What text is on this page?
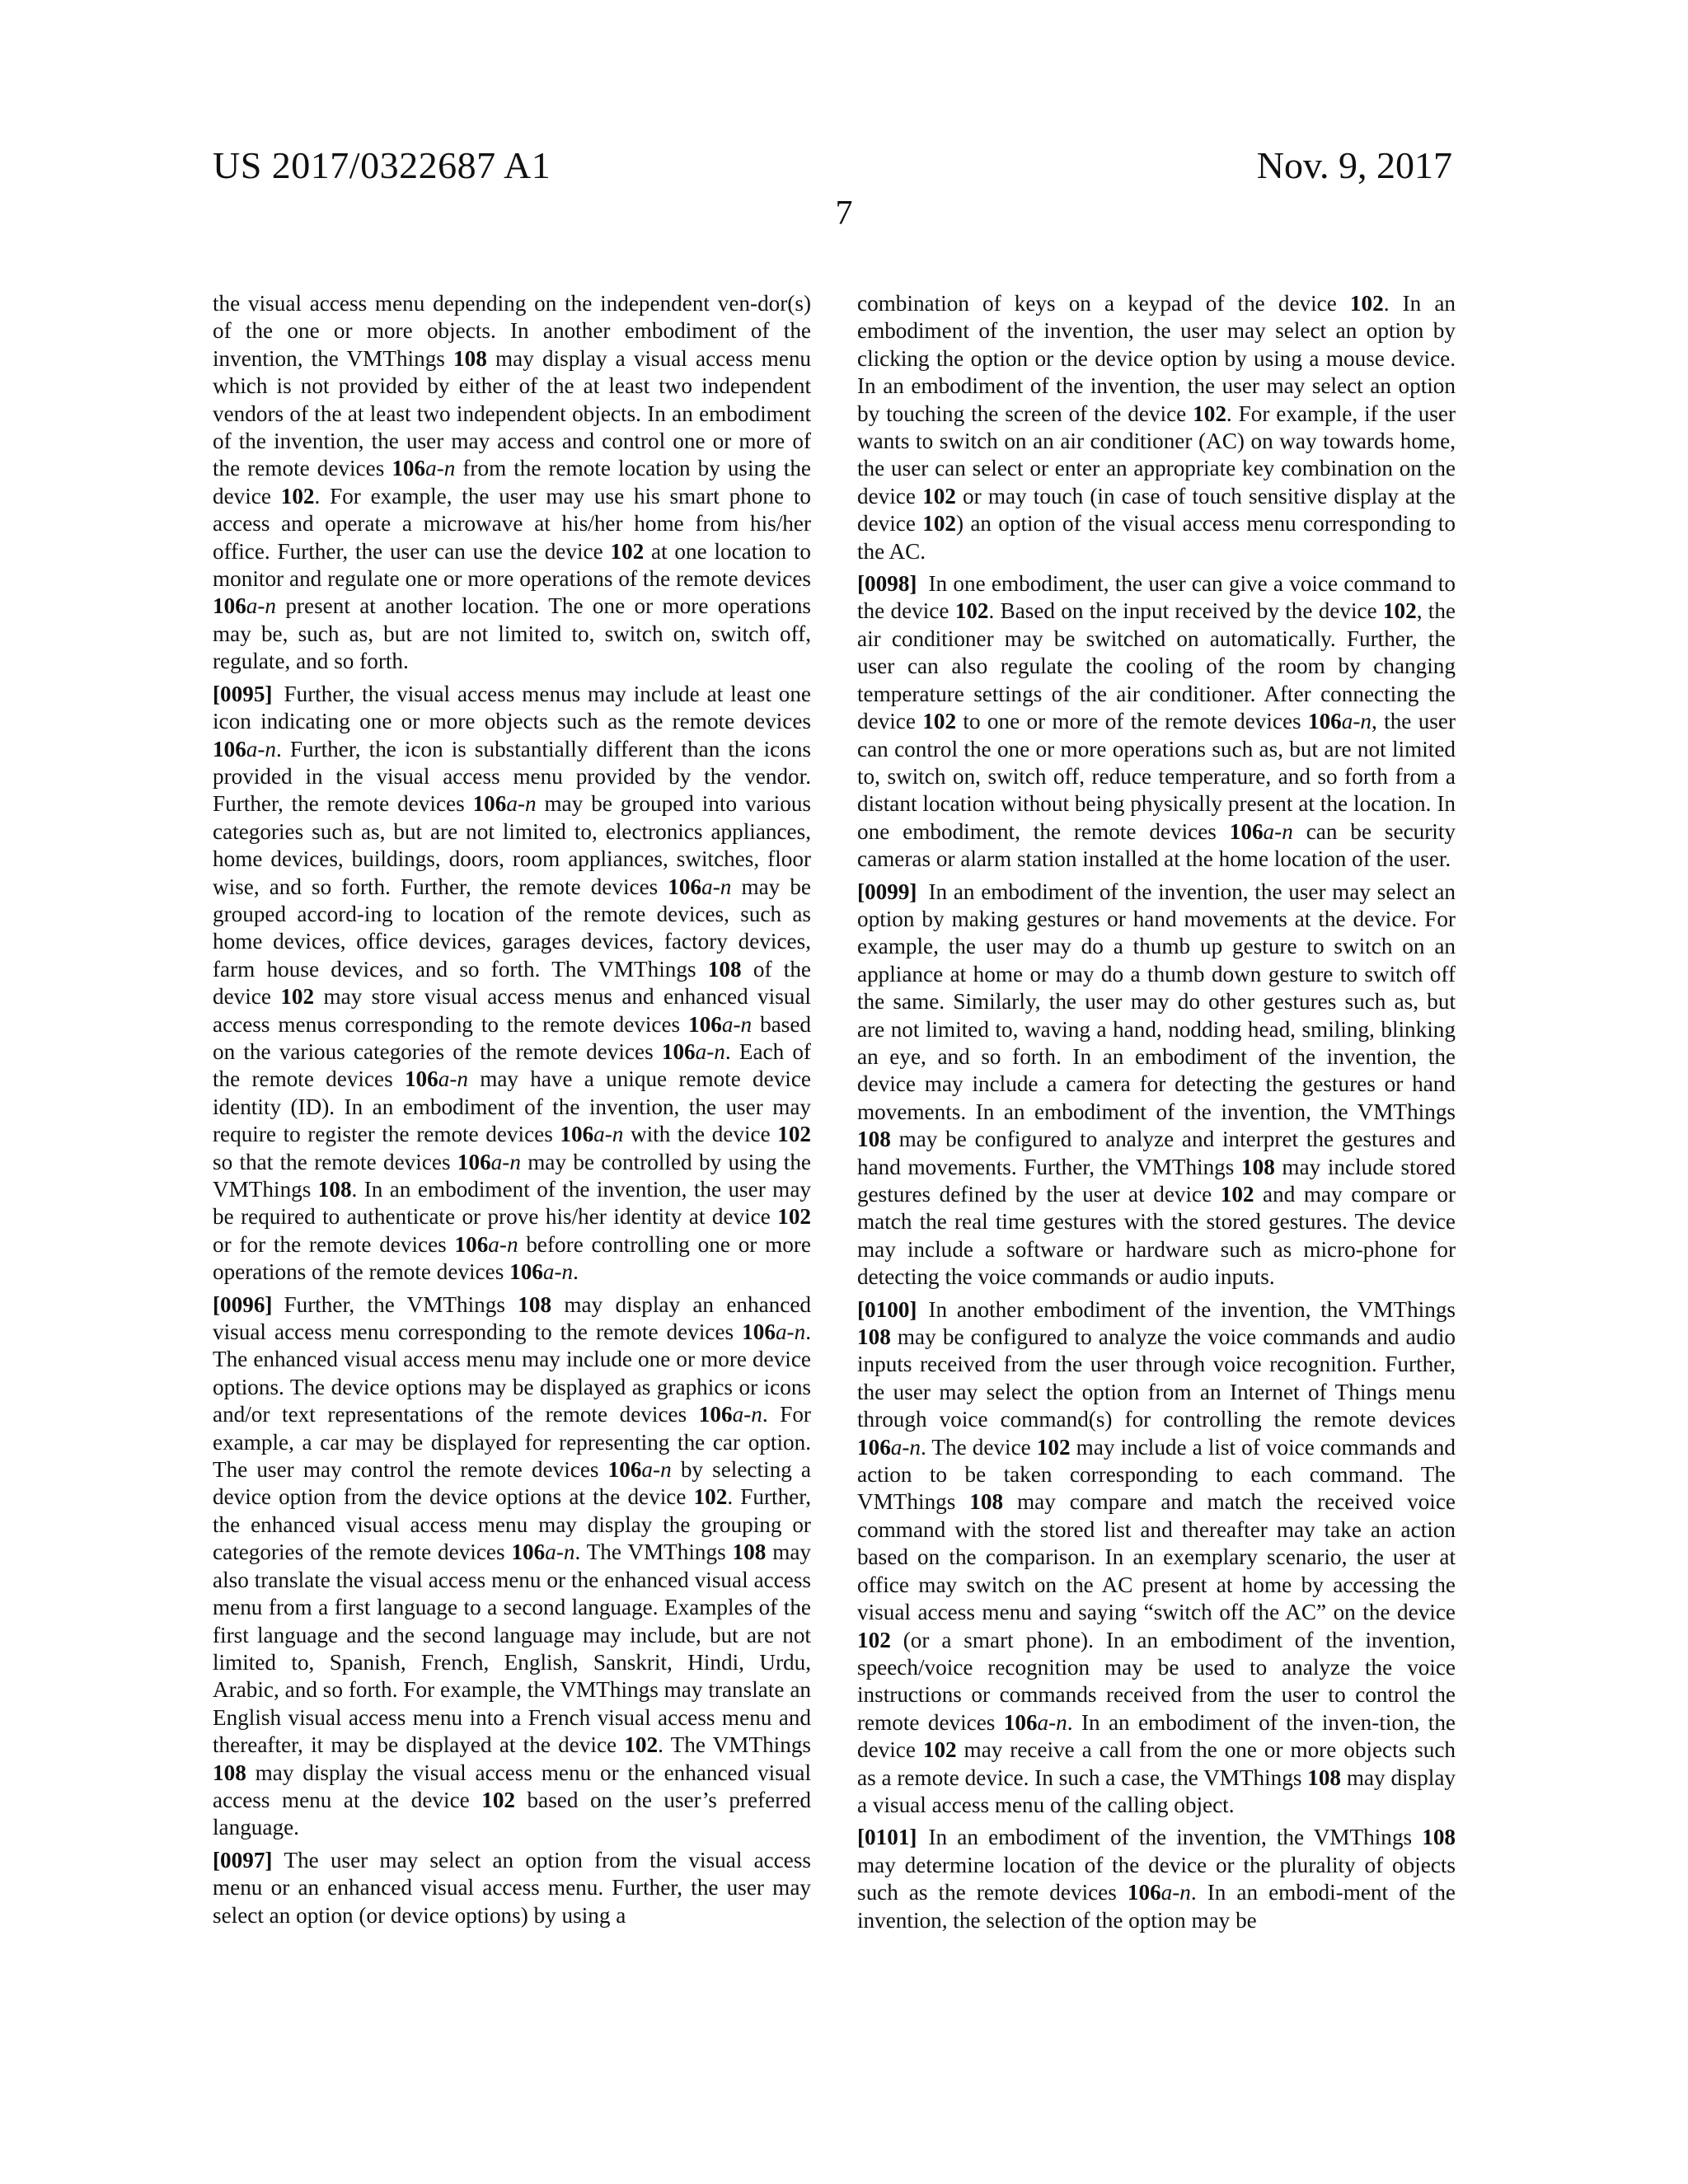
US 2017/0322687 A1	Nov. 9, 2017
7

the visual access menu depending on the independent ven-dor(s) of the one or more objects. In another embodiment of the invention, the VMThings 108 may display a visual access menu which is not provided by either of the at least two independent vendors of the at least two independent objects. In an embodiment of the invention, the user may access and control one or more of the remote devices 106a-n from the remote location by using the device 102. For example, the user may use his smart phone to access and operate a microwave at his/her home from his/her office. Further, the user can use the device 102 at one location to monitor and regulate one or more operations of the remote devices 106a-n present at another location. The one or more operations may be, such as, but are not limited to, switch on, switch off, regulate, and so forth.

[0095] Further, the visual access menus may include at least one icon indicating one or more objects such as the remote devices 106a-n. Further, the icon is substantially different than the icons provided in the visual access menu provided by the vendor. Further, the remote devices 106a-n may be grouped into various categories such as, but are not limited to, electronics appliances, home devices, buildings, doors, room appliances, switches, floor wise, and so forth. Further, the remote devices 106a-n may be grouped accord-ing to location of the remote devices, such as home devices, office devices, garages devices, factory devices, farm house devices, and so forth. The VMThings 108 of the device 102 may store visual access menus and enhanced visual access menus corresponding to the remote devices 106a-n based on the various categories of the remote devices 106a-n. Each of the remote devices 106a-n may have a unique remote device identity (ID). In an embodiment of the invention, the user may require to register the remote devices 106a-n with the device 102 so that the remote devices 106a-n may be controlled by using the VMThings 108. In an embodiment of the invention, the user may be required to authenticate or prove his/her identity at device 102 or for the remote devices 106a-n before controlling one or more operations of the remote devices 106a-n.

[0096] Further, the VMThings 108 may display an enhanced visual access menu corresponding to the remote devices 106a-n. The enhanced visual access menu may include one or more device options. The device options may be displayed as graphics or icons and/or text representations of the remote devices 106a-n. For example, a car may be displayed for representing the car option. The user may control the remote devices 106a-n by selecting a device option from the device options at the device 102. Further, the enhanced visual access menu may display the grouping or categories of the remote devices 106a-n. The VMThings 108 may also translate the visual access menu or the enhanced visual access menu from a first language to a second language. Examples of the first language and the second language may include, but are not limited to, Spanish, French, English, Sanskrit, Hindi, Urdu, Arabic, and so forth. For example, the VMThings may translate an English visual access menu into a French visual access menu and thereafter, it may be displayed at the device 102. The VMThings 108 may display the visual access menu or the enhanced visual access menu at the device 102 based on the user’s preferred language.

[0097] The user may select an option from the visual access menu or an enhanced visual access menu. Further, the user may select an option (or device options) by using a

combination of keys on a keypad of the device 102. In an embodiment of the invention, the user may select an option by clicking the option or the device option by using a mouse device. In an embodiment of the invention, the user may select an option by touching the screen of the device 102. For example, if the user wants to switch on an air conditioner (AC) on way towards home, the user can select or enter an appropriate key combination on the device 102 or may touch (in case of touch sensitive display at the device 102) an option of the visual access menu corresponding to the AC.

[0098] In one embodiment, the user can give a voice command to the device 102. Based on the input received by the device 102, the air conditioner may be switched on automatically. Further, the user can also regulate the cooling of the room by changing temperature settings of the air conditioner. After connecting the device 102 to one or more of the remote devices 106a-n, the user can control the one or more operations such as, but are not limited to, switch on, switch off, reduce temperature, and so forth from a distant location without being physically present at the location. In one embodiment, the remote devices 106a-n can be security cameras or alarm station installed at the home location of the user.

[0099] In an embodiment of the invention, the user may select an option by making gestures or hand movements at the device. For example, the user may do a thumb up gesture to switch on an appliance at home or may do a thumb down gesture to switch off the same. Similarly, the user may do other gestures such as, but are not limited to, waving a hand, nodding head, smiling, blinking an eye, and so forth. In an embodiment of the invention, the device may include a camera for detecting the gestures or hand movements. In an embodiment of the invention, the VMThings 108 may be configured to analyze and interpret the gestures and hand movements. Further, the VMThings 108 may include stored gestures defined by the user at device 102 and may compare or match the real time gestures with the stored gestures. The device may include a software or hardware such as micro-phone for detecting the voice commands or audio inputs.

[0100] In another embodiment of the invention, the VMThings 108 may be configured to analyze the voice commands and audio inputs received from the user through voice recognition. Further, the user may select the option from an Internet of Things menu through voice command(s) for controlling the remote devices 106a-n. The device 102 may include a list of voice commands and action to be taken corresponding to each command. The VMThings 108 may compare and match the received voice command with the stored list and thereafter may take an action based on the comparison. In an exemplary scenario, the user at office may switch on the AC present at home by accessing the visual access menu and saying “switch off the AC” on the device 102 (or a smart phone). In an embodiment of the invention, speech/voice recognition may be used to analyze the voice instructions or commands received from the user to control the remote devices 106a-n. In an embodiment of the inven-tion, the device 102 may receive a call from the one or more objects such as a remote device. In such a case, the VMThings 108 may display a visual access menu of the calling object.

[0101] In an embodiment of the invention, the VMThings 108 may determine location of the device or the plurality of objects such as the remote devices 106a-n. In an embodi-ment of the invention, the selection of the option may be
